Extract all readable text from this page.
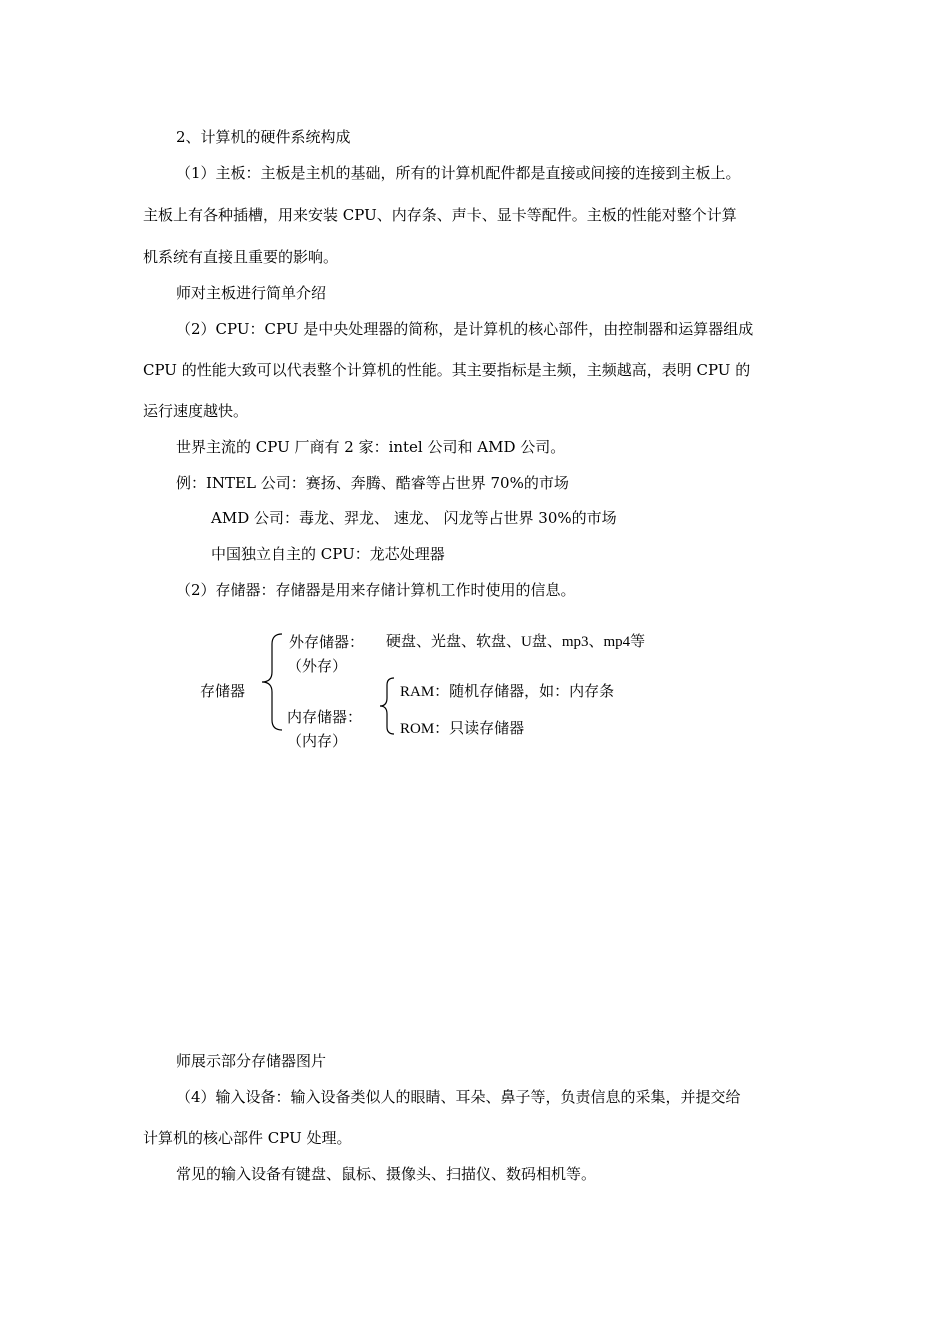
2、计算机的硬件系统构成
（1）主板：主板是主机的基础，所有的计算机配件都是直接或间接的连接到主板上。
主板上有各种插槽，用来安装 CPU、内存条、声卡、显卡等配件。主板的性能对整个计算
机系统有直接且重要的影响。
师对主板进行简单介绍
（2）CPU：CPU 是中央处理器的简称，是计算机的核心部件，由控制器和运算器组成
CPU 的性能大致可以代表整个计算机的性能。其主要指标是主频，主频越高，表明 CPU 的
运行速度越快。
世界主流的 CPU 厂商有 2 家：intel 公司和 AMD 公司。
例：INTEL 公司：赛扬、奔腾、酷睿等占世界 70%的市场
AMD 公司：毒龙、羿龙、 速龙、 闪龙等占世界 30%的市场
中国独立自主的 CPU：龙芯处理器
（2）存储器：存储器是用来存储计算机工作时使用的信息。
存储器
外存储器：
（外存）
硬盘、光盘、软盘、U盘、mp3、mp4等
内存储器：
（内存）
RAM：随机存储器，如：内存条
ROM：只读存储器
师展示部分存储器图片
（4）输入设备：输入设备类似人的眼睛、耳朵、鼻子等，负责信息的采集，并提交给
计算机的核心部件 CPU 处理。
常见的输入设备有键盘、鼠标、摄像头、扫描仪、数码相机等。
